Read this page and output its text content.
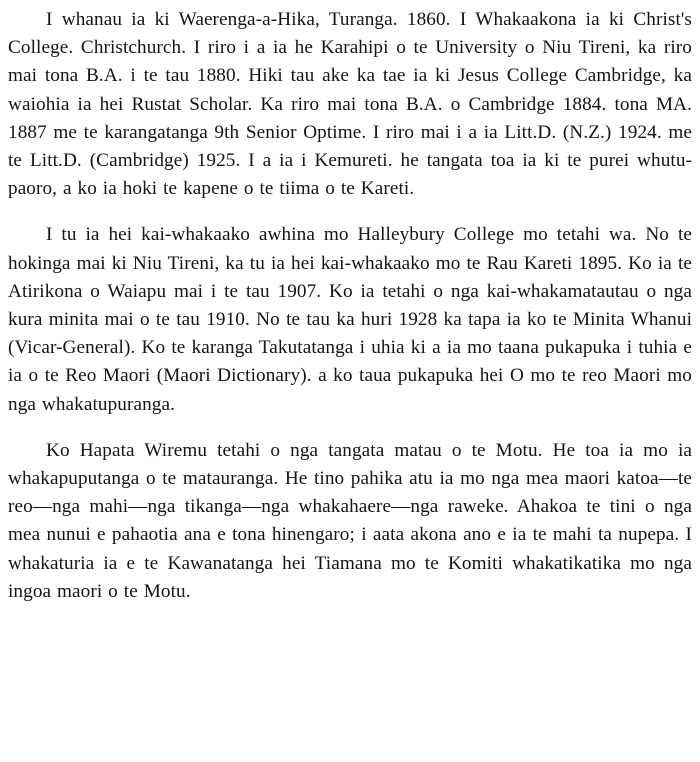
I whanau ia ki Waerenga-a-Hika, Turanga. 1860. I Whakaakona ia ki Christ's College. Christchurch. I riro i a ia he Karahipi o te University o Niu Tireni, ka riro mai tona B.A. i te tau 1880. Hiki tau ake ka tae ia ki Jesus College Cambridge, ka waiohia ia hei Rustat Scholar. Ka riro mai tona B.A. o Cambridge 1884. tona MA. 1887 me te karangatanga 9th Senior Optime. I riro mai i a ia Litt.D. (N.Z.) 1924. me te Litt.D. (Cambridge) 1925. I a ia i Kemureti. he tangata toa ia ki te purei whutu-paoro, a ko ia hoki te kapene o te tiima o te Kareti.

I tu ia hei kai-whakaako awhina mo Halleybury College mo tetahi wa. No te hokinga mai ki Niu Tireni, ka tu ia hei kai-whakaako mo te Rau Kareti 1895. Ko ia te Atirikona o Waiapu mai i te tau 1907. Ko ia tetahi o nga kai-whakamatautau o nga kura minita mai o te tau 1910. No te tau ka huri 1928 ka tapa ia ko te Minita Whanui (Vicar-General). Ko te karanga Takutatanga i uhia ki a ia mo taana pukapuka i tuhia e ia o te Reo Maori (Maori Dictionary). a ko taua pukapuka hei O mo te reo Maori mo nga whakatupuranga.

Ko Hapata Wiremu tetahi o nga tangata matau o te Motu. He toa ia mo ia whakapuputanga o te matauranga. He tino pahika atu ia mo nga mea maori katoa—te reo—nga mahi—nga tikanga—nga whakahaere—nga raweke. Ahakoa te tini o nga mea nunui e pahaotia ana e tona hinengaro; i aata akona ano e ia te mahi ta nupepa. I whakaturia ia e te Kawanatanga hei Tiamana mo te Komiti whakatikatika mo nga ingoa maori o te Motu.
